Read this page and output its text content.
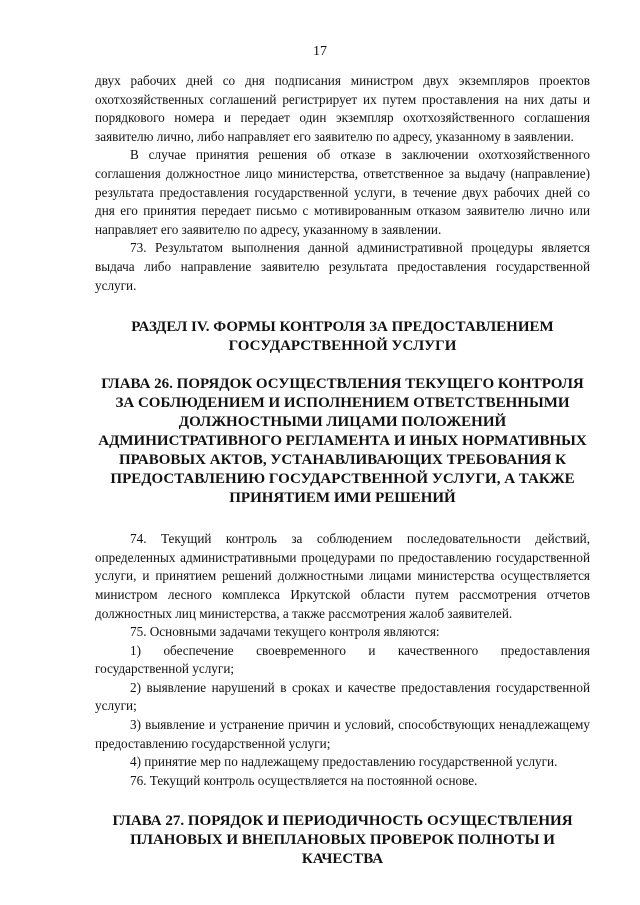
17

двух рабочих дней со дня подписания министром двух экземпляров проектов охотхозяйственных соглашений регистрирует их путем проставления на них даты и порядкового номера и передает один экземпляр охотхозяйственного соглашения заявителю лично, либо направляет его заявителю по адресу, указанному в заявлении.

В случае принятия решения об отказе в заключении охотхозяйственного соглашения должностное лицо министерства, ответственное за выдачу (направление) результата предоставления государственной услуги, в течение двух рабочих дней со дня его принятия передает письмо с мотивированным отказом заявителю лично или направляет его заявителю по адресу, указанному в заявлении.

73. Результатом выполнения данной административной процедуры является выдача либо направление заявителю результата предоставления государственной услуги.

РАЗДЕЛ IV. ФОРМЫ КОНТРОЛЯ ЗА ПРЕДОСТАВЛЕНИЕМ ГОСУДАРСТВЕННОЙ УСЛУГИ
ГЛАВА 26. ПОРЯДОК ОСУЩЕСТВЛЕНИЯ ТЕКУЩЕГО КОНТРОЛЯ ЗА СОБЛЮДЕНИЕМ И ИСПОЛНЕНИЕМ ОТВЕТСТВЕННЫМИ ДОЛЖНОСТНЫМИ ЛИЦАМИ ПОЛОЖЕНИЙ АДМИНИСТРАТИВНОГО РЕГЛАМЕНТА И ИНЫХ НОРМАТИВНЫХ ПРАВОВЫХ АКТОВ, УСТАНАВЛИВАЮЩИХ ТРЕБОВАНИЯ К ПРЕДОСТАВЛЕНИЮ ГОСУДАРСТВЕННОЙ УСЛУГИ, А ТАКЖЕ ПРИНЯТИЕМ ИМИ РЕШЕНИЙ

74. Текущий контроль за соблюдением последовательности действий, определенных административными процедурами по предоставлению государственной услуги, и принятием решений должностными лицами министерства осуществляется министром лесного комплекса Иркутской области путем рассмотрения отчетов должностных лиц министерства, а также рассмотрения жалоб заявителей.

75. Основными задачами текущего контроля являются:

1) обеспечение своевременного и качественного предоставления государственной услуги;

2) выявление нарушений в сроках и качестве предоставления государственной услуги;

3) выявление и устранение причин и условий, способствующих ненадлежащему предоставлению государственной услуги;

4) принятие мер по надлежащему предоставлению государственной услуги.

76. Текущий контроль осуществляется на постоянной основе.

ГЛАВА 27. ПОРЯДОК И ПЕРИОДИЧНОСТЬ ОСУЩЕСТВЛЕНИЯ ПЛАНОВЫХ И ВНЕПЛАНОВЫХ ПРОВЕРОК ПОЛНОТЫ И КАЧЕСТВА
